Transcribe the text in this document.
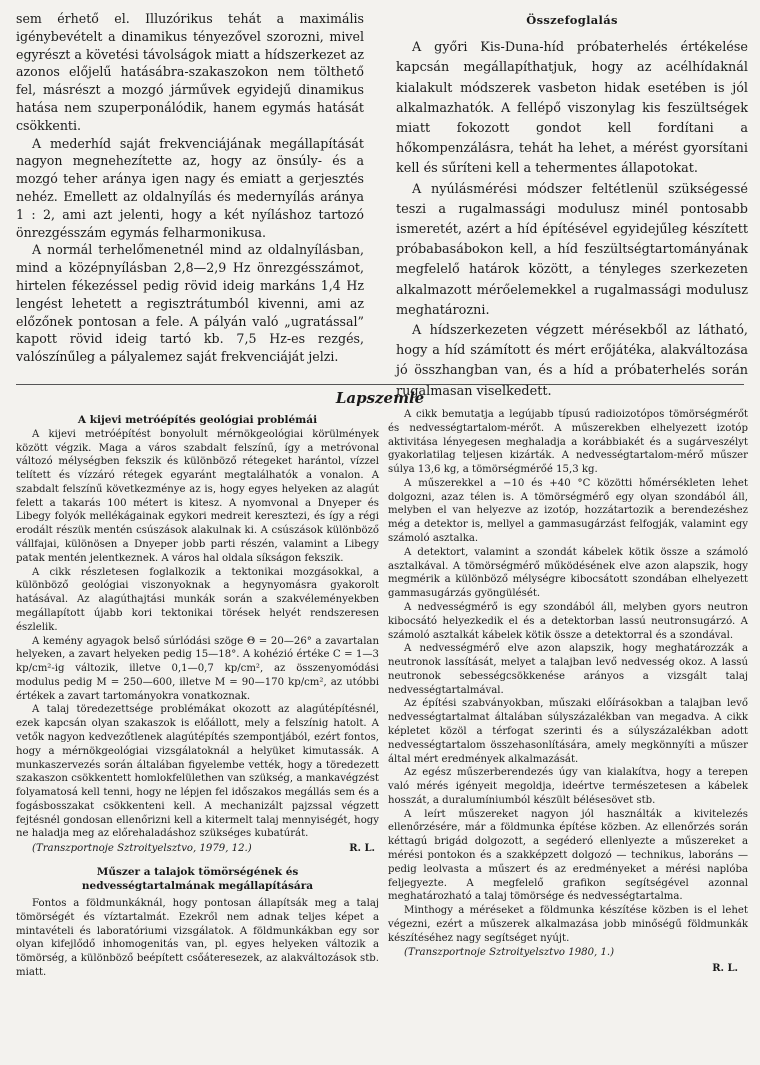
sem érhető el. Illuzórikus tehát a maximális igénybevételt a dinamikus tényezővel szorozni, mivel egyrészt a követési távolságok miatt a hídszerkezet az azonos előjelű hatásábra-szakaszokon nem tölthető fel, másrészt a mozgó járművek egyidejű dinamikus hatása nem szuperponálódik, hanem egymás hatását csökkenti.

A mederhíd saját frekvenciájának megállapítását nagyon megnehezítette az, hogy az önsúly- és a mozgó teher aránya igen nagy és emiatt a gerjesztés nehéz. Emellett az oldalnyílás és medernyílás aránya 1 : 2, ami azt jelenti, hogy a két nyíláshoz tartozó önrezgésszám egymás felharmonikusa.

A normál terhelőmenetnél mind az oldalnyílásban, mind a középnyílásban 2,8—2,9 Hz önrezgésszámot, hirtelen fékezéssel pedig rövid ideig markáns 1,4 Hz lengést lehetett a regisztrátumból kivenni, ami az előzőnek pontosan a fele. A pályán való „ugratással” kapott rövid ideig tartó kb. 7,5 Hz-es rezgés, valószínűleg a pályalemez saját frekvenciáját jelzi.

Összefoglalás

A győri Kis-Duna-híd próbaterhelés értékelése kapcsán megállapíthatjuk, hogy az acélhídaknál kialakult módszerek vasbeton hidak esetében is jól alkalmazhatók. A fellépő viszonylag kis feszültségek miatt fokozott gondot kell fordítani a hőkompenzálásra, tehát ha lehet, a mérést gyorsítani kell és sűríteni kell a tehermentes állapotokat.

A nyúlásmérési módszer feltétlenül szükségessé teszi a rugalmassági modulusz minél pontosabb ismeretét, azért a híd építésével egyidejűleg készített próbabasábokon kell, a híd feszültségtartományának megfelelő határok között, a tényleges szerkezeten alkalmazott mérőelemekkel a rugalmassági modulusz meghatározni.

A hídszerkezeten végzett mérésekből az látható, hogy a híd számított és mért erőjátéka, alakváltozása jó összhangban van, és a híd a próbaterhelés során rugalmasan viselkedett.

Lapszemle

A kijevi metróépítés geológiai problémái

A kijevi metróépítést bonyolult mérnökgeológiai körülmények között végzik. Maga a város szabdalt felszínű, így a metróvonal változó mélységben fekszik és különböző rétegeket harántol, vízzel telített és vízzáró rétegek egyaránt megtalálhatók a vonalon. A szabdalt felszínű következménye az is, hogy egyes helyeken az alagút felett a takarás 100 métert is kitesz. A nyomvonal a Dnyeper és Libegy folyók mellékágainak egykori medreit keresztezi, és így a régi erodált részük mentén csúszások alakulnak ki. A csúszások különböző vállfajai, különösen a Dnyeper jobb parti részén, valamint a Libegy patak mentén jelentkeznek. A város hal oldala síkságon fekszik.

A cikk részletesen foglalkozik a tektonikai mozgásokkal, a különböző geológiai viszonyoknak a hegynyomásra gyakorolt hatásával. Az alagúthajtási munkák során a szakvéleményekben megállapított újabb kori tektonikai törések helyét rendszeresen észlelik.

A kemény agyagok belső súrlódási szöge Θ = 20—26° a zavartalan helyeken, a zavart helyeken pedig 15—18°. A kohézió értéke C = 1—3 kp/cm²-ig változik, illetve 0,1—0,7 kp/cm², az összenyomódási modulus pedig M = 250—600, illetve M = 90—170 kp/cm², az utóbbi értékek a zavart tartományokra vonatkoznak.

A talaj töredezettsége problémákat okozott az alagútépítésnél, ezek kapcsán olyan szakaszok is előállott, mely a felszínig hatolt. A vetők nagyon kedvezőtlenek alagútépítés szempontjából, ezért fontos, hogy a mérnökgeológiai vizsgálatoknál a helyüket kimutassák. A munkaszervezés során általában figyelembe vették, hogy a töredezett szakaszon csökkentett homlokfelülethen van szükség, a mankavégzést folyamatosá kell tenni, hogy ne lépjen fel időszakos megállás sem és a fogásbosszakat csökkenteni kell. A mechanizált pajzssal végzett fejtésnél gondosan ellenőrizni kell a kitermelt talaj mennyiségét, hogy ne haladja meg az előrehaladáshoz szükséges kubatúrát.

(Transzportnoje Sztroityelsztvo, 1979, 12.)	R. L.
Műszer a talajok tömörségének és
nedvességtartalmának megállapítására

Fontos a földmunkáknál, hogy pontosan állapítsák meg a talaj tömörségét és víztartalmát. Ezekről nem adnak teljes képet a mintavételi és laboratóriumi vizsgálatok. A földmunkákban egy sor olyan kifejlődő inhomogenitás van, pl. egyes helyeken változik a tömörség, a különböző beépített csőáteresezek, az alakváltozások stb. miatt.

A cikk bemutatja a legújabb típusú radioizotópos tömörségmérőt és nedvességtartalom-mérőt. A műszerekben elhelyezett izotóp aktivitása lényegesen meghaladja a korábbiakét és a sugárveszélyt gyakorlatilag teljesen kizárták. A nedvességtartalom-mérő műszer súlya 13,6 kg, a tömörségmérőé 15,3 kg.

A műszerekkel a −10 és +40 °C közötti hőmérsékleten lehet dolgozni, azaz télen is. A tömörségmérő egy olyan szondából áll, melyben el van helyezve az izotóp, hozzátartozik a berendezéshez még a detektor is, mellyel a gammasugárzást felfogják, valamint egy számoló asztalka.

A detektort, valamint a szondát kábelek kötik össze a számoló asztalkával. A tömörségmérő működésének elve azon alapszik, hogy megmérik a különböző mélységre kibocsátott szondában elhelyezett gammasugárzás gyöngülését.

A nedvességmérő is egy szondából áll, melyben gyors neutron kibocsátó helyezkedik el és a detektorban lassú neutronsugárzó. A számoló asztalkát kábelek kötik össze a detektorral és a szondával.

A nedvességmérő elve azon alapszik, hogy meghatározzák a neutronok lassítását, melyet a talajban levő nedvesség okoz. A lassú neutronok sebességcsökkenése arányos a vizsgált talaj nedvességtartalmával.

Az építési szabványokban, műszaki előírásokban a talajban levő nedvességtartalmat általában súlyszázalékban van megadva. A cikk képletet közöl a térfogat szerinti és a súlyszázalékban adott nedvességtartalom összehasonlítására, amely megkönnyíti a műszer által mért eredmények alkalmazását.

Az egész műszerberendezés úgy van kialakítva, hogy a terepen való mérés igényeit megoldja, ideértve természetesen a kábelek hosszát, a duralumíniumból készült bélésesövet stb.

A leírt műszereket nagyon jól használták a kivitelezés ellenőrzésére, már a földmunka építése közben. Az ellenőrzés során kéttagú brigád dolgozott, a segéderó ellenlyezte a műszereket a mérési pontokon és a szakképzett dolgozó — technikus, laboráns — pedig leolvasta a műszert és az eredményeket a mérési naplóba feljegyezte. A megfelelő grafikon segítségével azonnal meghatározható a talaj tömörsége és nedvességtartalma.

Minthogy a méréseket a földmunka készítése közben is el lehet végezni, ezért a műszerek alkalmazása jobb minőségű földmunkák készítéséhez nagy segítséget nyújt.

(Transzportnoje Sztroityelsztvo 1980, 1.)
R. L.
